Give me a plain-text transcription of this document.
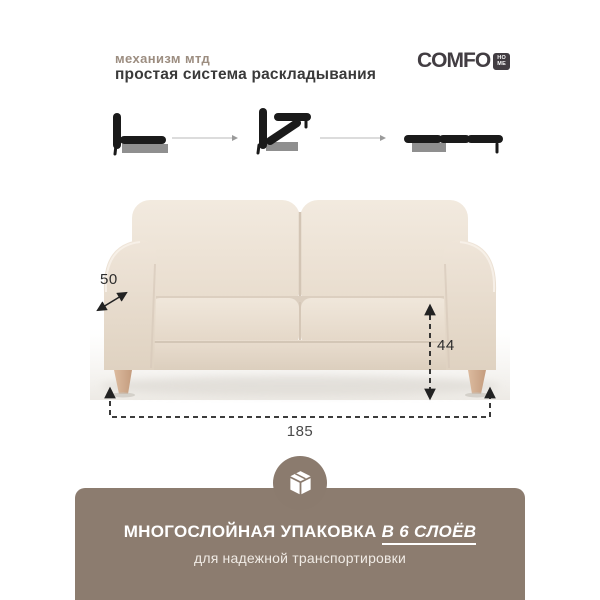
механизм мтд
простая система раскладывания
COMFO HO
ME
50
44
185
МНОГОСЛОЙНАЯ УПАКОВКА В 6 СЛОЁВ
для надежной транспортировки
